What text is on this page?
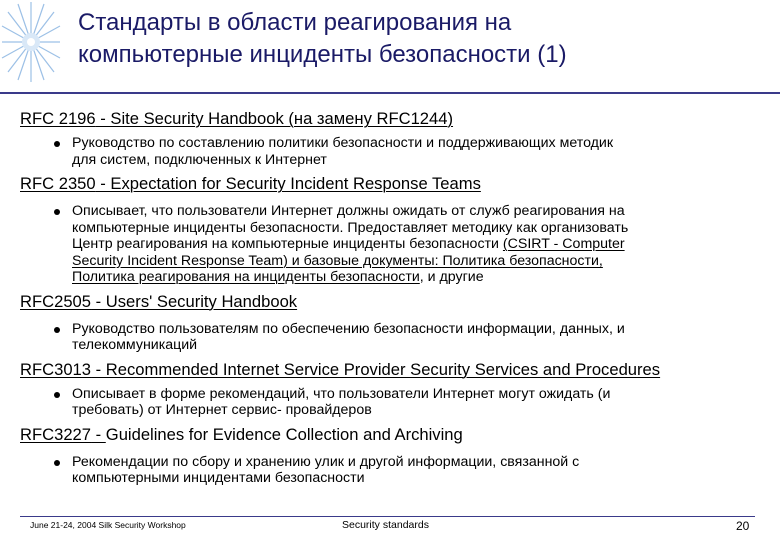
Стандарты в области реагирования на
компьютерные инциденты безопасности (1)
RFC 2196 - Site Security Handbook (на замену RFC1244)
Руководство по составлению политики безопасности и поддерживающих методик
для систем, подключенных к Интернет
RFC 2350 - Expectation for Security Incident Response Teams
Описывает, что пользователи Интернет должны ожидать от служб реагирования на
компьютерные инциденты безопасности. Предоставляет методику как организовать
Центр реагирования на компьютерные инциденты безопасности (CSIRT - Computer
Security Incident Response Team) и базовые документы: Политика безопасности,
Политика реагирования на инциденты безопасности, и другие
RFC2505 - Users' Security Handbook
Руководство пользователям по обеспечению безопасности информации, данных, и
телекоммуникаций
RFC3013 - Recommended Internet Service Provider Security Services and Procedures
Описывает в форме рекомендаций, что пользователи Интернет могут ожидать (и
требовать) от Интернет сервис- провайдеров
RFC3227 - Guidelines for Evidence Collection and Archiving
Рекомендации по сбору и хранению улик и другой информации, связанной с
компьютерными инцидентами безопасности
June 21-24, 2004 Silk Security Workshop	Security standards	20
